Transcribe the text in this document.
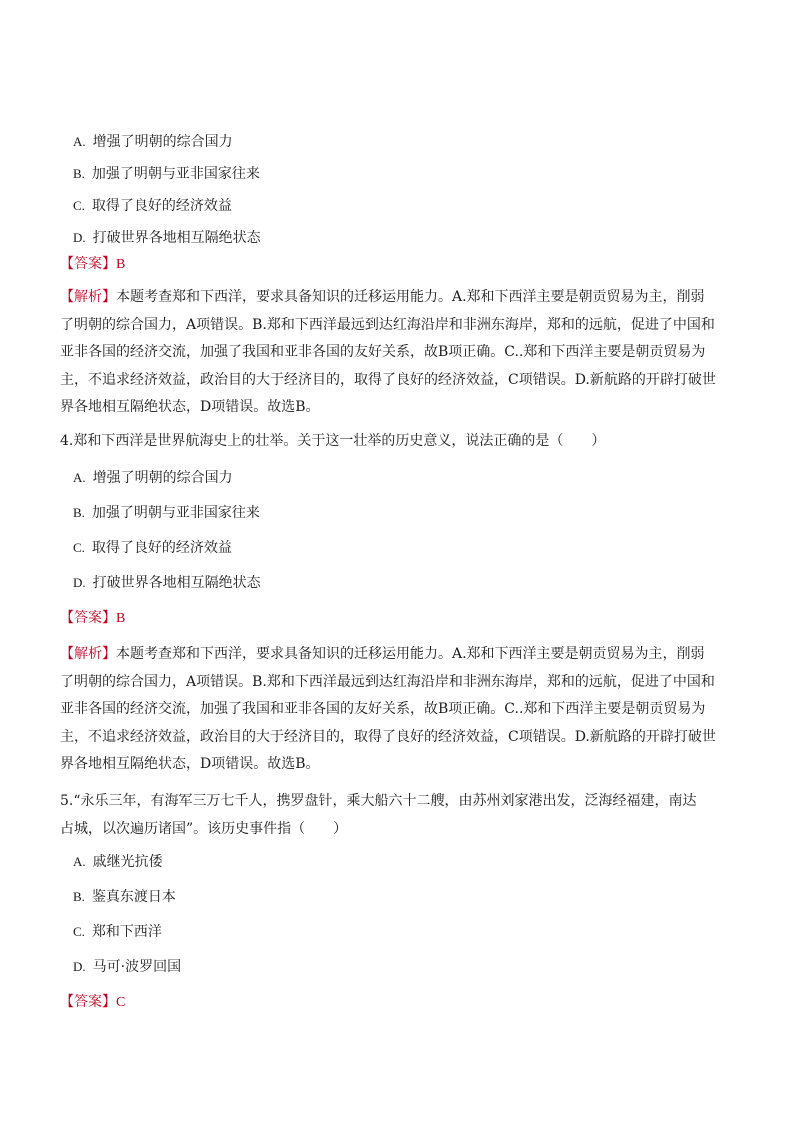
A. 增强了明朝的综合国力
B. 加强了明朝与亚非国家往来
C. 取得了良好的经济效益
D. 打破世界各地相互隔绝状态
【答案】B

【解析】本题考查郑和下西洋，要求具备知识的迁移运用能力。A.郑和下西洋主要是朝贡贸易为主，削弱

了明朝的综合国力，A项错误。B.郑和下西洋最远到达红海沿岸和非洲东海岸，郑和的远航，促进了中国和

亚非各国的经济交流，加强了我国和亚非各国的友好关系，故B项正确。C..郑和下西洋主要是朝贡贸易为

主，不追求经济效益，政治目的大于经济目的，取得了良好的经济效益，C项错误。D.新航路的开辟打破世

界各地相互隔绝状态，D项错误。故选B。

4.郑和下西洋是世界航海史上的壮举。关于这一壮举的历史意义，说法正确的是（　　）
A. 增强了明朝的综合国力
B. 加强了明朝与亚非国家往来
C. 取得了良好的经济效益
D. 打破世界各地相互隔绝状态
【答案】B

【解析】本题考查郑和下西洋，要求具备知识的迁移运用能力。A.郑和下西洋主要是朝贡贸易为主，削弱

了明朝的综合国力，A项错误。B.郑和下西洋最远到达红海沿岸和非洲东海岸，郑和的远航，促进了中国和

亚非各国的经济交流，加强了我国和亚非各国的友好关系，故B项正确。C..郑和下西洋主要是朝贡贸易为

主，不追求经济效益，政治目的大于经济目的，取得了良好的经济效益，C项错误。D.新航路的开辟打破世

界各地相互隔绝状态，D项错误。故选B。

5.“永乐三年，有海军三万七千人，携罗盘针，乘大船六十二艘，由苏州刘家港出发，泛海经福建，南达

占城，以次遍历诸国”。该历史事件指（　　）

A. 戚继光抗倭
B. 鉴真东渡日本
C. 郑和下西洋
D. 马可·波罗回国
【答案】C
